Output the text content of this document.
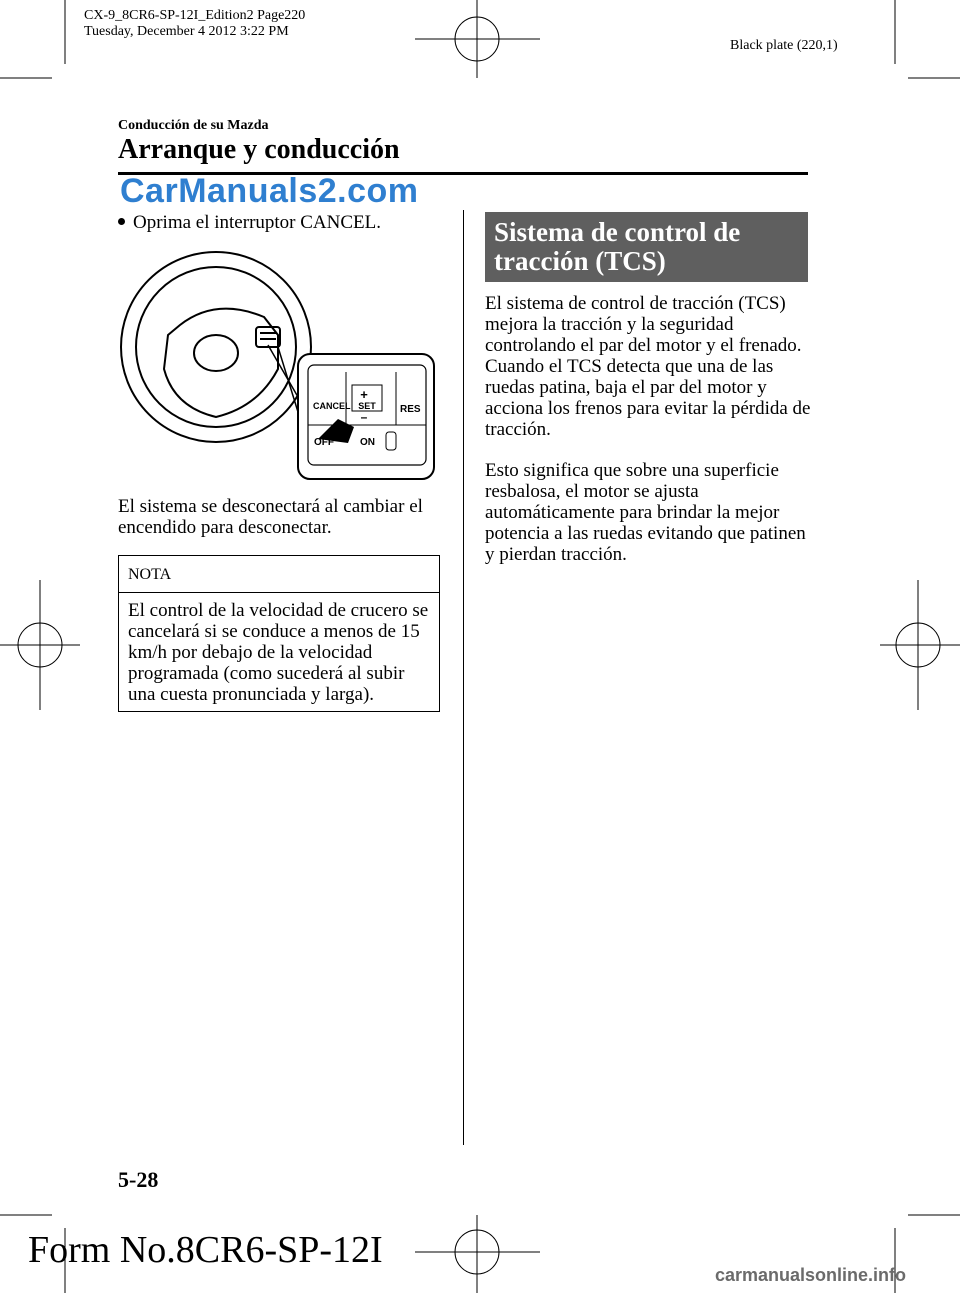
CX-9_8CR6-SP-12I_Edition2 Page220
Tuesday, December 4 2012 3:22 PM
Black plate (220,1)
Conducción de su Mazda
Arranque y conducción
CarManuals2.com
Oprima el interruptor CANCEL.
+
SET
–
CANCEL	RES
OFF	ON
El sistema se desconectará al cambiar el encendido para desconectar.
NOTA
El control de la velocidad de crucero se cancelará si se conduce a menos de 15 km/h por debajo de la velocidad programada (como sucederá al subir una cuesta pronunciada y larga).
Sistema de control de tracción (TCS)
El sistema de control de tracción (TCS) mejora la tracción y la seguridad controlando el par del motor y el frenado. Cuando el TCS detecta que una de las ruedas patina, baja el par del motor y acciona los frenos para evitar la pérdida de tracción.
Esto significa que sobre una superficie resbalosa, el motor se ajusta automáticamente para brindar la mejor potencia a las ruedas evitando que patinen y pierdan tracción.
5-28
Form No.8CR6-SP-12I
carmanualsonline.info
